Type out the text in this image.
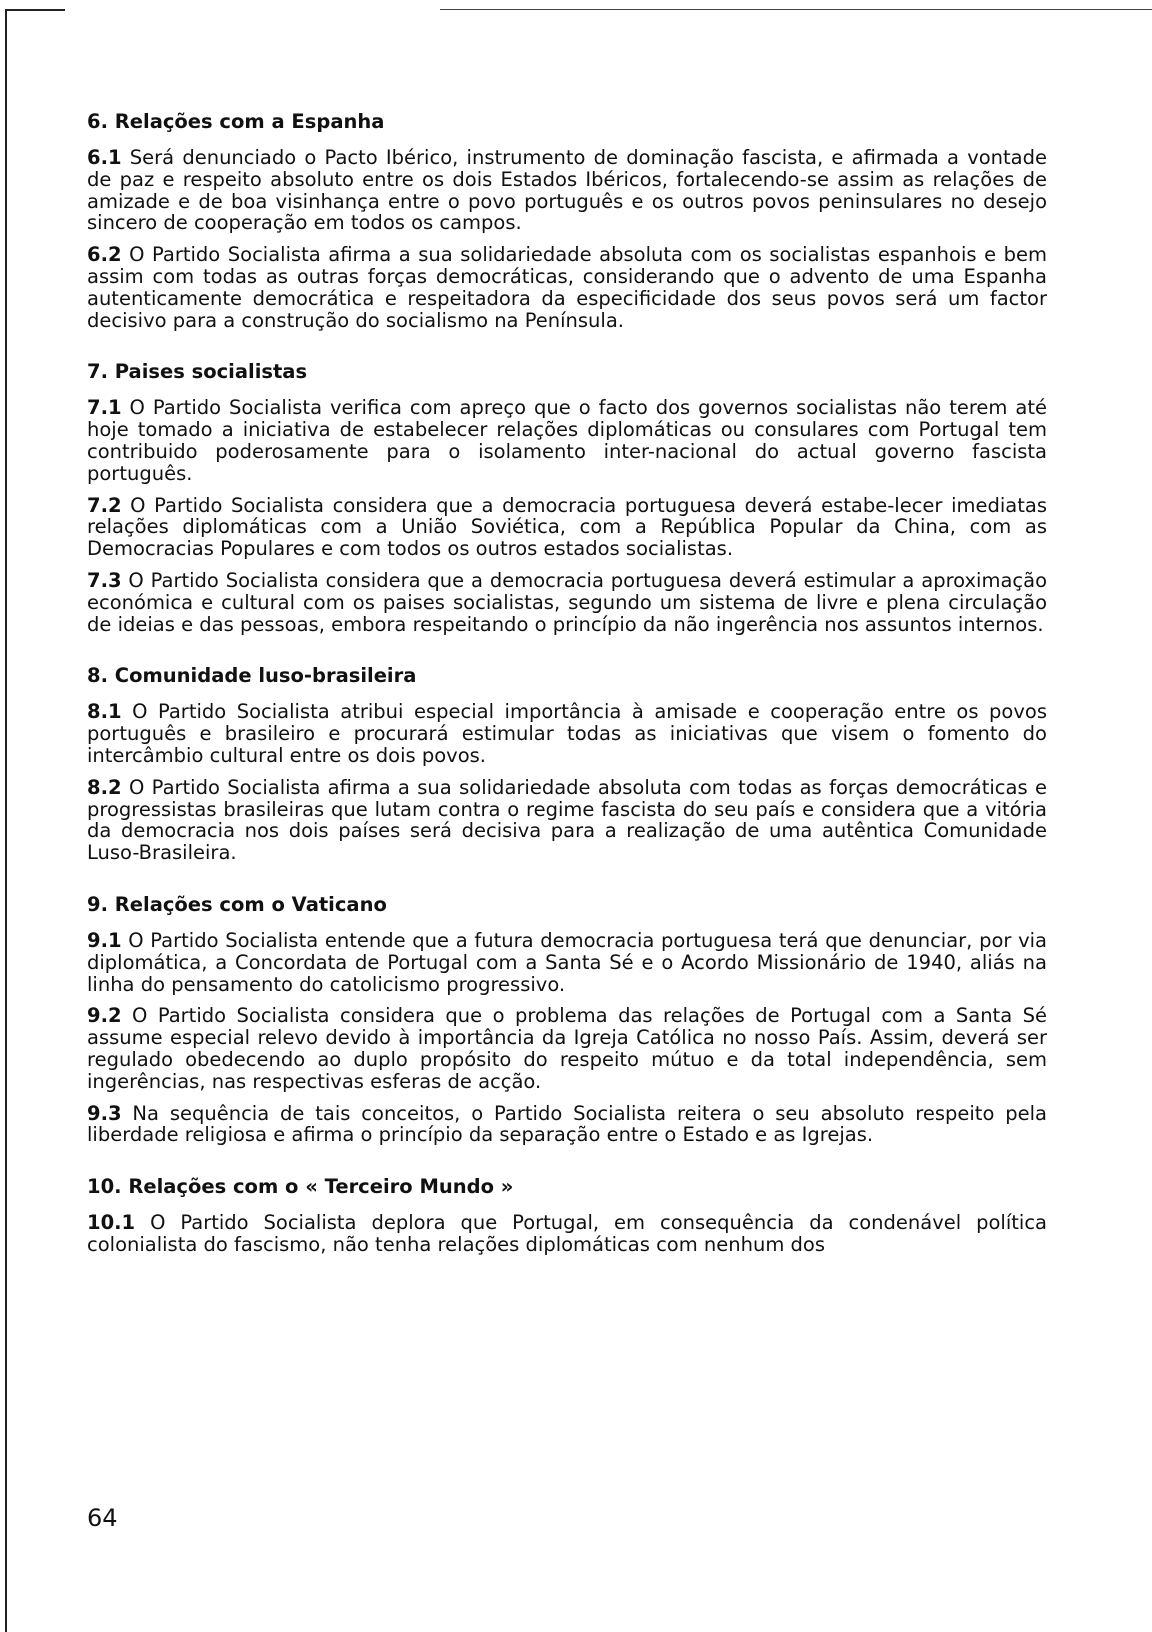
6. Relações com a Espanha

6.1 Será denunciado o Pacto Ibérico, instrumento de dominação fascista, e afirmada a vontade de paz e respeito absoluto entre os dois Estados Ibéricos, fortalecendo-se assim as relações de amizade e de boa visinhança entre o povo português e os outros povos peninsulares no desejo sincero de cooperação em todos os campos.

6.2 O Partido Socialista afirma a sua solidariedade absoluta com os socialistas espanhois e bem assim com todas as outras forças democráticas, considerando que o advento de uma Espanha autenticamente democrática e respeitadora da especificidade dos seus povos será um factor decisivo para a construção do socialismo na Península.

7. Paises socialistas

7.1 O Partido Socialista verifica com apreço que o facto dos governos socialistas não terem até hoje tomado a iniciativa de estabelecer relações diplomáticas ou consulares com Portugal tem contribuido poderosamente para o isolamento inter-nacional do actual governo fascista português.

7.2 O Partido Socialista considera que a democracia portuguesa deverá estabe-lecer imediatas relações diplomáticas com a União Soviética, com a República Popular da China, com as Democracias Populares e com todos os outros estados socialistas.

7.3 O Partido Socialista considera que a democracia portuguesa deverá estimular a aproximação económica e cultural com os paises socialistas, segundo um sistema de livre e plena circulação de ideias e das pessoas, embora respeitando o princípio da não ingerência nos assuntos internos.

8. Comunidade luso-brasileira

8.1 O Partido Socialista atribui especial importância à amisade e cooperação entre os povos português e brasileiro e procurará estimular todas as iniciativas que visem o fomento do intercâmbio cultural entre os dois povos.

8.2 O Partido Socialista afirma a sua solidariedade absoluta com todas as forças democráticas e progressistas brasileiras que lutam contra o regime fascista do seu país e considera que a vitória da democracia nos dois países será decisiva para a realização de uma autêntica Comunidade Luso-Brasileira.

9. Relações com o Vaticano

9.1 O Partido Socialista entende que a futura democracia portuguesa terá que denunciar, por via diplomática, a Concordata de Portugal com a Santa Sé e o Acordo Missionário de 1940, aliás na linha do pensamento do catolicismo progressivo.

9.2 O Partido Socialista considera que o problema das relações de Portugal com a Santa Sé assume especial relevo devido à importância da Igreja Católica no nosso País. Assim, deverá ser regulado obedecendo ao duplo propósito do respeito mútuo e da total independência, sem ingerências, nas respectivas esferas de acção.

9.3 Na sequência de tais conceitos, o Partido Socialista reitera o seu absoluto respeito pela liberdade religiosa e afirma o princípio da separação entre o Estado e as Igrejas.

10. Relações com o « Terceiro Mundo »

10.1 O Partido Socialista deplora que Portugal, em consequência da condenável política colonialista do fascismo, não tenha relações diplomáticas com nenhum dos

64
